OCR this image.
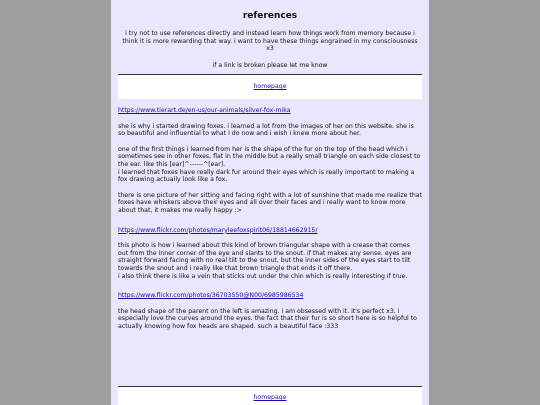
references
i try not to use references directly and instead learn how things work from memory because i think it is more rewarding that way. i want to have these things engrained in my consciousness x3
if a link is broken please let me know
homepage
https://www.tierart.de/en-us/our-animals/silver-fox-mika

she is why i started drawing foxes. i learned a lot from the images of her on this website. she is so beautiful and influential to what i do now and i wish i knew more about her.

one of the first things i learned from her is the shape of the fur on the top of the head which i sometimes see in other foxes, flat in the middle but a really small triangle on each side closest to the ear. like this [ear]^------^[ear].
i learned that foxes have really dark fur around their eyes which is really important to making a fox drawing actually look like a fox.

there is one picture of her sitting and facing right with a lot of sunshine that made me realize that foxes have whiskers above their eyes and all over their faces and i really want to know more about that, it makes me really happy :>

https://www.flickr.com/photos/maryleefoxspirit06/18814662915/

this photo is how i learned about this kind of brown triangular shape with a crease that comes out from the inner corner of the eye and slants to the snout. if that makes any sense. eyes are straight forward facing with no real tilt to the snout, but the inner sides of the eyes start to tilt towards the snout and i really like that brown triangle that ends it off there.
i also think there is like a vein that sticks out under the chin which is really interesting if true.

https://www.flickr.com/photos/36703550@N00/6985986534

the head shape of the parent on the left is amazing. i am obsessed with it. it's perfect x3. i especially love the curves around the eyes. the fact that their fur is so short here is so helpful to actually knowing how fox heads are shaped. such a beautiful face :333

homepage
